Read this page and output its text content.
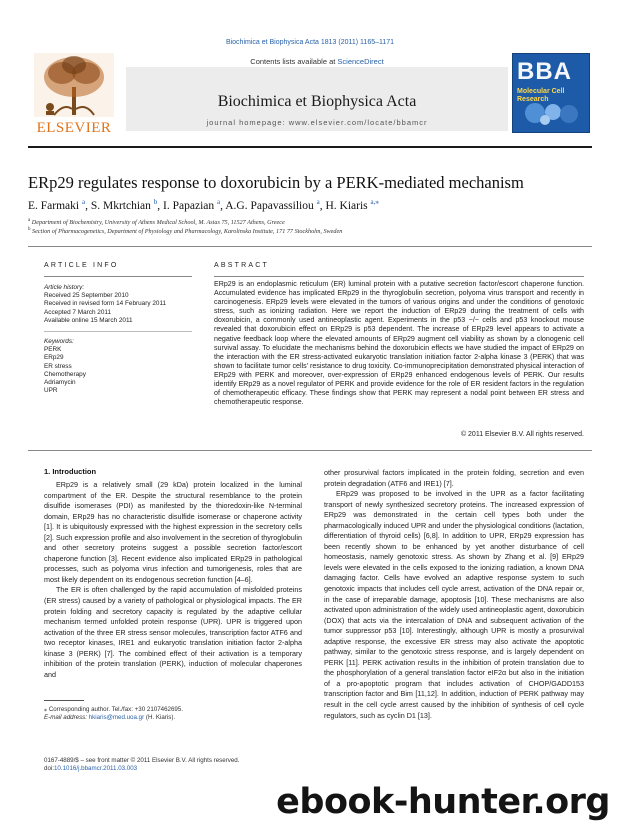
Biochimica et Biophysica Acta 1813 (2011) 1165–1171
ELSEVIER
Contents lists available at ScienceDirect
Biochimica et Biophysica Acta
journal homepage: www.elsevier.com/locate/bbamcr
BBA
Molecular Cell Research
ERp29 regulates response to doxorubicin by a PERK-mediated mechanism
E. Farmaki $^a$, S. Mkrtchian $^b$, I. Papazian $^a$, A.G. Papavassiliou $^a$, H. Kiaris $^{a,⁎}$
$^a$ Department of Biochemistry, University of Athens Medical School, M. Asias 75, 11527 Athens, Greece
$^b$ Section of Pharmacogenetics, Department of Physiology and Pharmacology, Karolinska Institute, 171 77 Stockholm, Sweden
ARTICLE INFO	ABSTRACT
Article history:
Received 25 September 2010
Received in revised form 14 February 2011
Accepted 7 March 2011
Available online 15 March 2011
Keywords:
PERK
ERp29
ER stress
Chemotherapy
Adriamycin
UPR
ERp29 is an endoplasmic reticulum (ER) luminal protein with a putative secretion factor/escort chaperone function. Accumulated evidence has implicated ERp29 in the thyroglobulin secretion, polyoma virus transport and recently in carcinogenesis. ERp29 levels were elevated in the tumors of various origins and under the conditions of genotoxic stress, such as ionizing radiation. Here we report the induction of ERp29 during the treatment of cells with doxorubicin, a commonly used antineoplastic agent. Experiments in the p53 −/− cells and p53 knockout mouse revealed that doxorubicin effect on ERp29 is p53 dependent. The increase of ERp29 level appears to activate a negative feedback loop where the elevated amounts of ERp29 augment cell viability as shown by a clonogenic cell survival assay. To elucidate the mechanisms behind the doxorubicin effects we have studied the impact of ERp29 on the interaction with the ER stress-activated eukaryotic translation initiation factor 2-alpha kinase 3 (PERK) that was shown to facilitate tumor cells' resistance to drug toxicity. Co-immunoprecipitation demonstrated physical interaction of ERp29 with PERK and moreover, over-expression of ERp29 enhanced endogenous levels of PERK. Our results identify ERp29 as a novel regulator of PERK and provide evidence for the role of ER resident factors in the regulation of chemotherapeutic efficacy. These findings show that PERK may represent a nodal point between ER stress and chemotherapeutic response.
© 2011 Elsevier B.V. All rights reserved.
1. Introduction

ERp29 is a relatively small (29 kDa) protein localized in the luminal compartment of the ER. Despite the structural resemblance to the protein disulfide isomerases (PDI) as manifested by the thioredoxin-like N-terminal domain, ERp29 has no characteristic disulfide isomerase or chaperone activity [1]. It is ubiquitously expressed with the highest expression in the secretory cells [2]. Such expression profile and also involvement in the secretion of thyroglobulin and other secretory proteins suggest a possible secretion factor/escort chaperone function [3]. Recent evidence also implicated ERp29 in pathological processes, such as polyoma virus infection and tumorigenesis, roles that are most likely dependent on its endogenous secretion function [4–6].

The ER is often challenged by the rapid accumulation of misfolded proteins (ER stress) caused by a variety of pathological or physiological impacts. The ER protein folding and secretory capacity is regulated by the adaptive cellular mechanism termed unfolded protein response (UPR). UPR is triggered upon activation of the three ER stress sensor molecules, transcription factor ATF6 and two receptor kinases, IRE1 and eukaryotic translation initiation factor 2-alpha kinase 3 (PERK) [7]. The combined effect of their activation is a temporary inhibition of the protein translation (PERK), induction of molecular chaperones and

other prosurvival factors implicated in the protein folding, secretion and even protein degradation (ATF6 and IRE1) [7].

ERp29 was proposed to be involved in the UPR as a factor facilitating transport of newly synthesized secretory proteins. The increased expression of ERp29 was demonstrated in the certain cell types both under the pharmacologically induced UPR and under the physiological conditions (lactation, differentiation of thyroid cells) [6,8]. In addition to UPR, ERp29 expression has been recently shown to be enhanced by yet another disturbance of cell homeostasis, namely genotoxic stress. As shown by Zhang et al. [9] ERp29 levels were elevated in the cells exposed to the ionizing radiation, a known DNA damaging factor. Cells have evolved an adaptive response system to such genotoxic impacts that includes cell cycle arrest, activation of the DNA repair or, in the case of irreparable damage, apoptosis [10]. These mechanisms are also activated upon administration of the widely used antineoplastic agent, doxorubicin (DOX) that acts via the intercalation of DNA and subsequent activation of the tumor suppressor p53 [10]. Interestingly, although UPR is mostly a prosurvival adaptive response, the excessive ER stress may also activate the apoptotic pathway, similar to the genotoxic stress response, and is largely dependent on PERK [11]. PERK activation results in the inhibition of protein translation due to the phosphorylation of a general translation factor eIF2α but also in the initiation of a pro-apoptotic program that includes activation of CHOP/GADD153 transcription factor and Bim [11,12]. In addition, induction of PERK pathway may result in the cell cycle arrest caused by the inhibition of synthesis of cell cycle regulators, such as cyclin D1 [13].

⁎ Corresponding author. Tel./fax: +30 2107462695.
E-mail address: hkiaris@med.uoa.gr (H. Kiaris).
0167-4889/$ – see front matter © 2011 Elsevier B.V. All rights reserved.
doi:10.1016/j.bbamcr.2011.03.003
ebook-hunter.org
